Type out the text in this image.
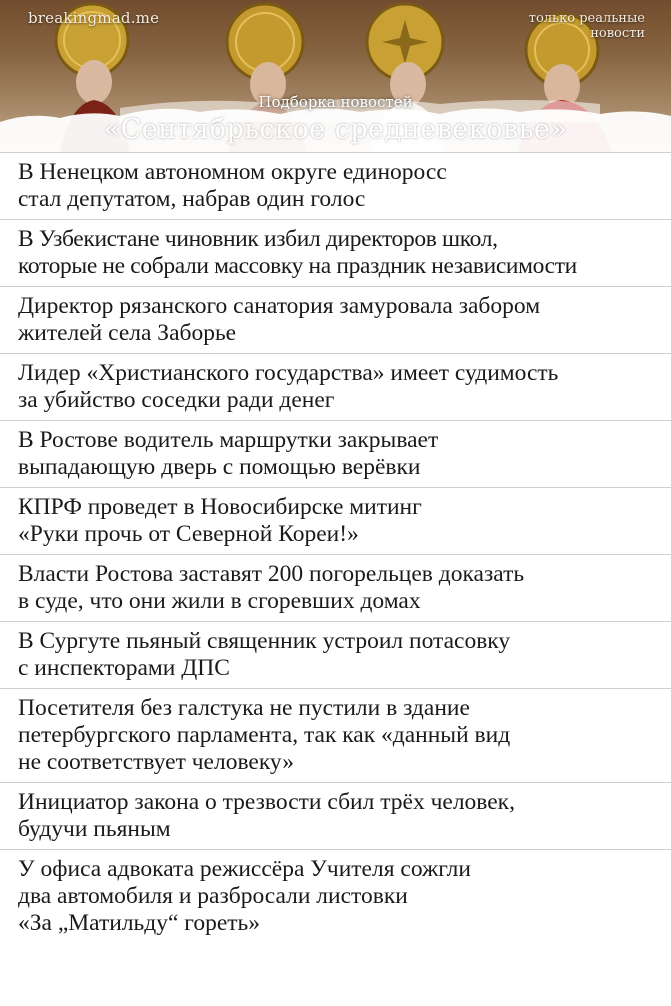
breakingmad.me	только реальные
новости
Подборка новостей
«Сентябрьское средневековье»
В Ненецком автономном округе единоросс
стал депутатом, набрав один голос
В Узбекистане чиновник избил директоров школ,
которые не собрали массовку на праздник независимости
Директор рязанского санатория замуровала забором
жителей села Заборье
Лидер «Христианского государства» имеет судимость
за убийство соседки ради денег
В Ростове водитель маршрутки закрывает
выпадающую дверь с помощью верёвки
КПРФ проведет в Новосибирске митинг
«Руки прочь от Северной Кореи!»
Власти Ростова заставят 200 погорельцев доказать
в суде, что они жили в сгоревших домах
В Сургуте пьяный священник устроил потасовку
с инспекторами ДПС
Посетителя без галстука не пустили в здание
петербургского парламента, так как «данный вид
не соответствует человеку»
Инициатор закона о трезвости сбил трёх человек,
будучи пьяным
У офиса адвоката режиссёра Учителя сожгли
два автомобиля и разбросали листовки
«За „Матильду“ гореть»
